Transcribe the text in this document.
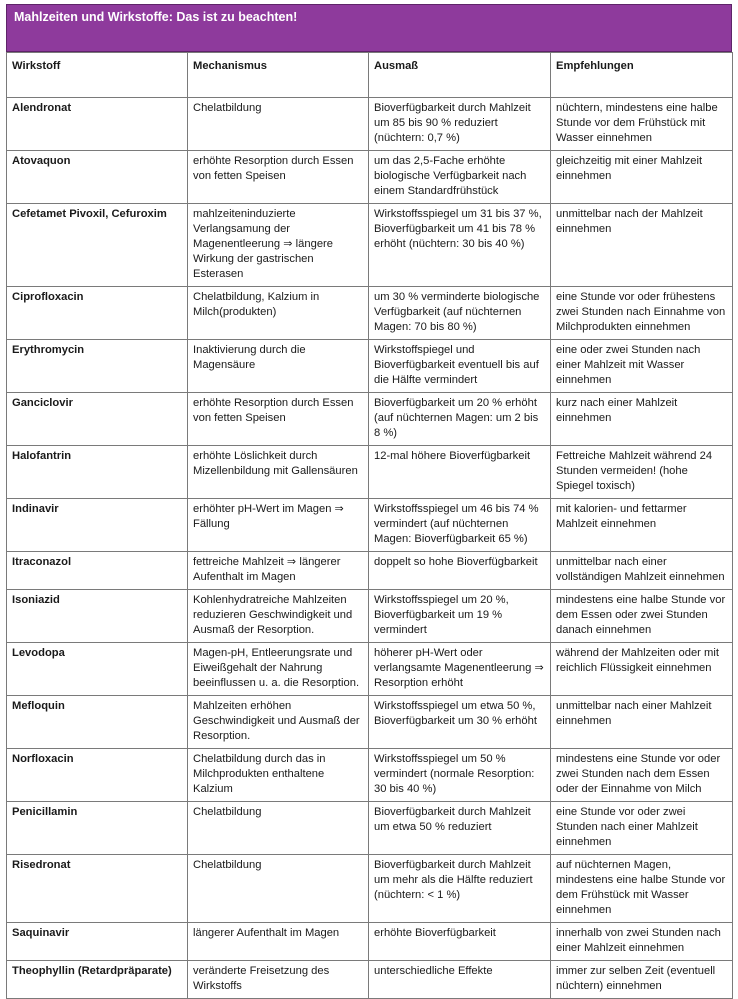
Mahlzeiten und Wirkstoffe: Das ist zu beachten!
Wirkstoff	Mechanismus	Ausmaß	Empfehlungen
Alendronat	Chelatbildung	Bioverfügbarkeit durch Mahlzeit um 85 bis 90 % reduziert (nüchtern: 0,7 %)	nüchtern, mindestens eine halbe Stunde vor dem Frühstück mit Wasser einnehmen
Atovaquon	erhöhte Resorption durch Essen von fetten Speisen	um das 2,5-Fache erhöhte biologische Verfügbarkeit nach einem Standardfrühstück	gleichzeitig mit einer Mahlzeit einnehmen
Cefetamet Pivoxil, Cefuroxim	mahlzeiteninduzierte Verlangsamung der Magenentleerung ⇒ längere Wirkung der gastrischen Esterasen	Wirkstoffsspiegel um 31 bis 37 %, Bioverfügbarkeit um 41 bis 78 % erhöht (nüchtern: 30 bis 40 %)	unmittelbar nach der Mahlzeit einnehmen
Ciprofloxacin	Chelatbildung, Kalzium in Milch(produkten)	um 30 % verminderte biologische Verfügbarkeit (auf nüchternen Magen: 70 bis 80 %)	eine Stunde vor oder frühestens zwei Stunden nach Einnahme von Milchprodukten einnehmen
Erythromycin	Inaktivierung durch die Magensäure	Wirkstoffspiegel und Bioverfügbarkeit eventuell bis auf die Hälfte vermindert	eine oder zwei Stunden nach einer Mahlzeit mit Wasser einnehmen
Ganciclovir	erhöhte Resorption durch Essen von fetten Speisen	Bioverfügbarkeit um 20 % erhöht (auf nüchternen Magen: um 2 bis 8 %)	kurz nach einer Mahlzeit einnehmen
Halofantrin	erhöhte Löslichkeit durch Mizellenbildung mit Gallensäuren	12-mal höhere Bioverfügbarkeit	Fettreiche Mahlzeit während 24 Stunden vermeiden! (hohe Spiegel toxisch)
Indinavir	erhöhter pH-Wert im Magen ⇒ Fällung	Wirkstoffsspiegel um 46 bis 74 % vermindert (auf nüchternen Magen: Bioverfügbarkeit 65 %)	mit kalorien- und fettarmer Mahlzeit einnehmen
Itraconazol	fettreiche Mahlzeit ⇒ längerer Aufenthalt im Magen	doppelt so hohe Bioverfügbarkeit	unmittelbar nach einer vollständigen Mahlzeit einnehmen
Isoniazid	Kohlenhydratreiche Mahlzeiten reduzieren Geschwindigkeit und Ausmaß der Resorption.	Wirkstoffsspiegel um 20 %, Bioverfügbarkeit um 19 % vermindert	mindestens eine halbe Stunde vor dem Essen oder zwei Stunden danach einnehmen
Levodopa	Magen-pH, Entleerungsrate und Eiweißgehalt der Nahrung beeinflussen u. a. die Resorption.	höherer pH-Wert oder verlangsamte Magenentleerung ⇒ Resorption erhöht	während der Mahlzeiten oder mit reichlich Flüssigkeit einnehmen
Mefloquin	Mahlzeiten erhöhen Geschwindigkeit und Ausmaß der Resorption.	Wirkstoffsspiegel um etwa 50 %, Bioverfügbarkeit um 30 % erhöht	unmittelbar nach einer Mahlzeit einnehmen
Norfloxacin	Chelatbildung durch das in Milchprodukten enthaltene Kalzium	Wirkstoffsspiegel um 50 % vermindert (normale Resorption: 30 bis 40 %)	mindestens eine Stunde vor oder zwei Stunden nach dem Essen oder der Einnahme von Milch
Penicillamin	Chelatbildung	Bioverfügbarkeit durch Mahlzeit um etwa 50 % reduziert	eine Stunde vor oder zwei Stunden nach einer Mahlzeit einnehmen
Risedronat	Chelatbildung	Bioverfügbarkeit durch Mahlzeit um mehr als die Hälfte reduziert (nüchtern: < 1 %)	auf nüchternen Magen, mindestens eine halbe Stunde vor dem Frühstück mit Wasser einnehmen
Saquinavir	längerer Aufenthalt im Magen	erhöhte Bioverfügbarkeit	innerhalb von zwei Stunden nach einer Mahlzeit einnehmen
Theophyllin (Retardpräparate)	veränderte Freisetzung des Wirkstoffs	unterschiedliche Effekte	immer zur selben Zeit (eventuell nüchtern) einnehmen
